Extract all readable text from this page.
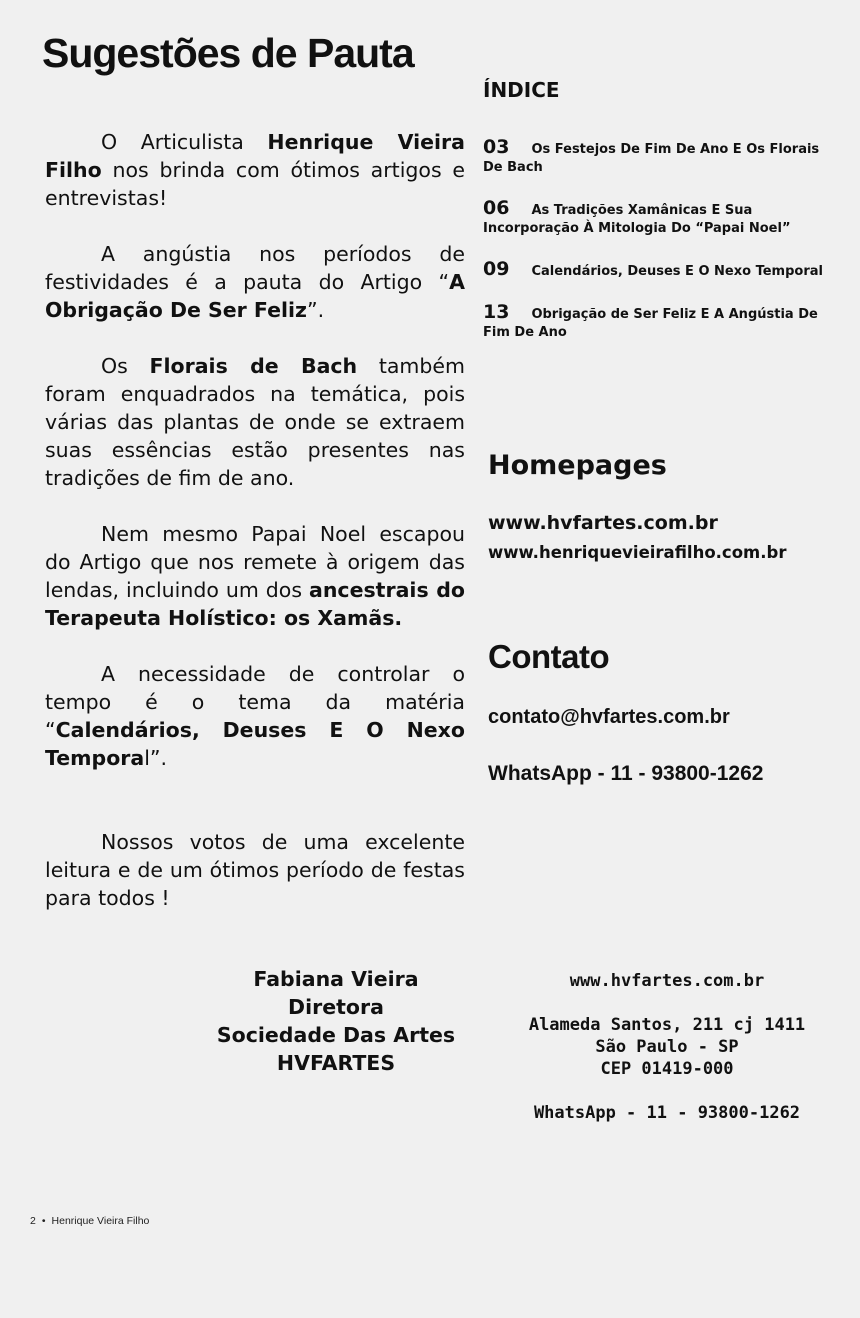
Sugestões de Pauta

O Articulista Henrique Vieira Filho nos brinda com ótimos artigos e entrevistas!

A angústia nos períodos de festividades é a pauta do Artigo “A Obrigação De Ser Feliz”.

Os Florais de Bach também foram enquadrados na temática, pois várias das plantas de onde se extraem suas essências estão presentes nas tradições de fim de ano.

Nem mesmo Papai Noel escapou do Artigo que nos remete à origem das lendas, incluindo um dos ancestrais do Terapeuta Holístico: os Xamãs.

A necessidade de controlar o tempo é o tema da matéria “Calendários, Deuses E O Nexo Temporal”.

Nossos votos de uma excelente leitura e de um ótimos período de festas para todos !

ÍNDICE
03 Os Festejos De Fim De Ano E Os Florais De Bach
06 As Tradições Xamânicas E Sua Incorporação À Mitologia Do “Papai Noel”
09 Calendários, Deuses E O Nexo Temporal
13 Obrigação de Ser Feliz E A Angústia De Fim De Ano
Homepages
www.hvfartes.com.br
www.henriquevieirafilho.com.br
Contato
contato@hvfartes.com.br
WhatsApp - 11 - 93800-1262
Fabiana Vieira
Diretora
Sociedade Das Artes
HVFARTES
www.hvfartes.com.br
Alameda Santos, 211 cj 1411
São Paulo - SP
CEP 01419-000
WhatsApp - 11 - 93800-1262
2 • Henrique Vieira Filho
